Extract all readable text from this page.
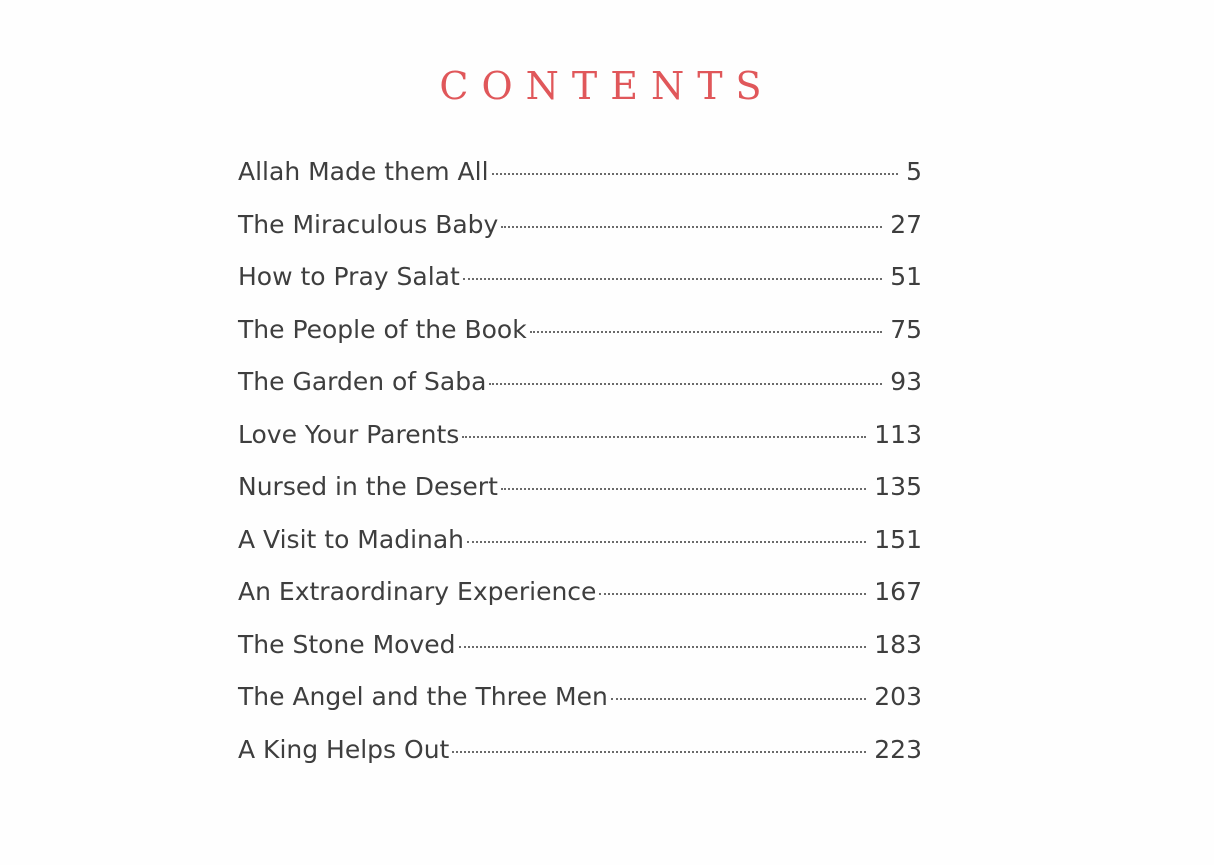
CONTENTS
Allah Made them All	5
The Miraculous Baby	27
How to Pray Salat	51
The People of the Book	75
The Garden of Saba	93
Love Your Parents	113
Nursed in the Desert	135
A Visit to Madinah	151
An Extraordinary Experience	167
The Stone Moved	183
The Angel and the Three Men	203
A King Helps Out	223
